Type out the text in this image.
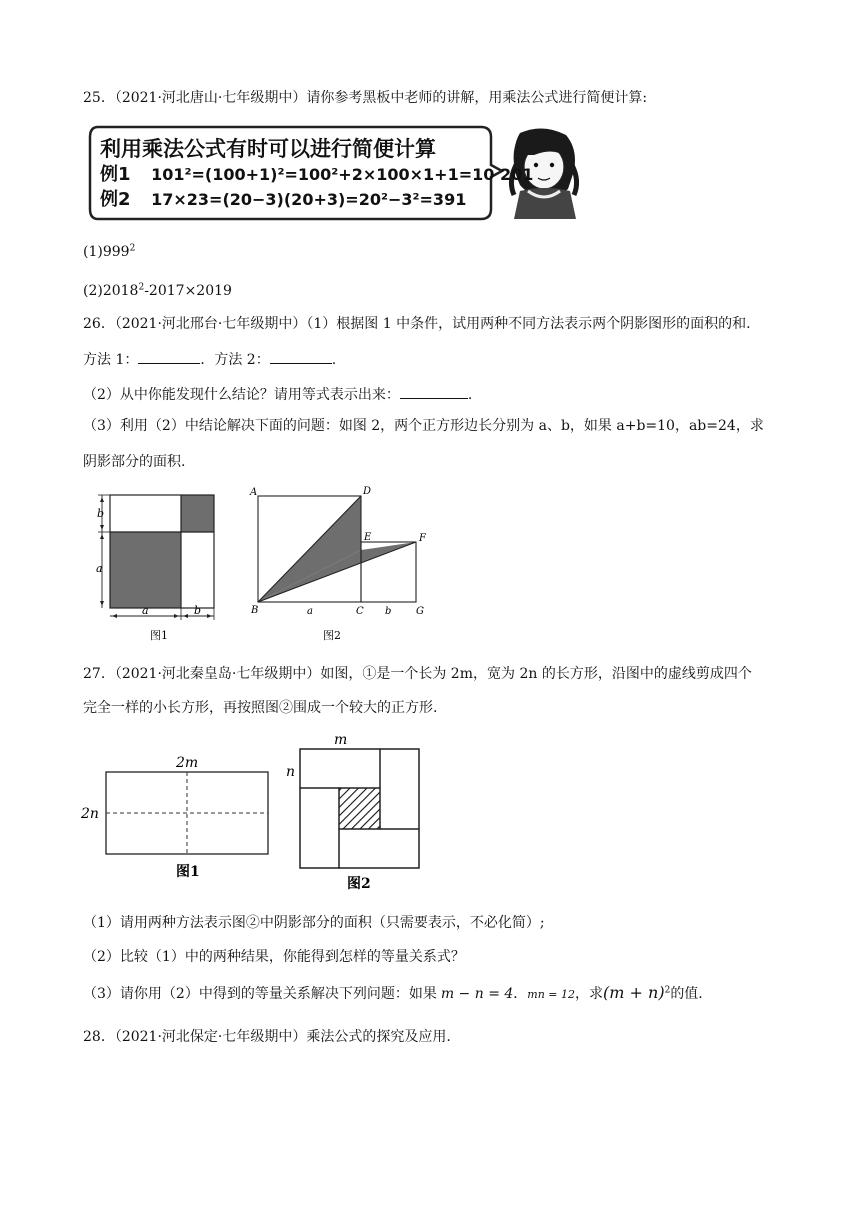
25．（2021·河北唐山·七年级期中）请你参考黑板中老师的讲解，用乘法公式进行简便计算:
利用乘法公式有时可以进行简便计算
例1 101²=(100+1)²=100²+2×100×1+1=10 201
例2 17×23=(20−3)(20+3)=20²−3²=391
$(1)999^2$
$(2)2018^2-2017\times 2019$
26．（2021·河北邢台·七年级期中）（1）根据图 1 中条件，试用两种不同方法表示两个阴影图形的面积的和.
方法 1：	．方法 2：	.
（2）从中你能发现什么结论？请用等式表示出来：	.
（3）利用（2）中结论解决下面的问题：如图 2，两个正方形边长分别为 a、b，如果 a+b=10，ab=24，求
阴影部分的面积.
b
a
a	b
图1
A	D
E	F
B	C	G
a	b
图2
27．（2021·河北秦皇岛·七年级期中）如图，①是一个长为 2m，宽为 2n 的长方形，沿图中的虚线剪成四个
完全一样的小长方形，再按照图②围成一个较大的正方形.
2m
2n
图1
m
n
图2
（1）请用两种方法表示图②中阴影部分的面积（只需要表示，不必化简）;
（2）比较（1）中的两种结果，你能得到怎样的等量关系式？
（3）请你用（2）中得到的等量关系解决下列问题：如果 m − n = 4．mn = 12，求$(m + n)^2$的值.
28．（2021·河北保定·七年级期中）乘法公式的探究及应用.
